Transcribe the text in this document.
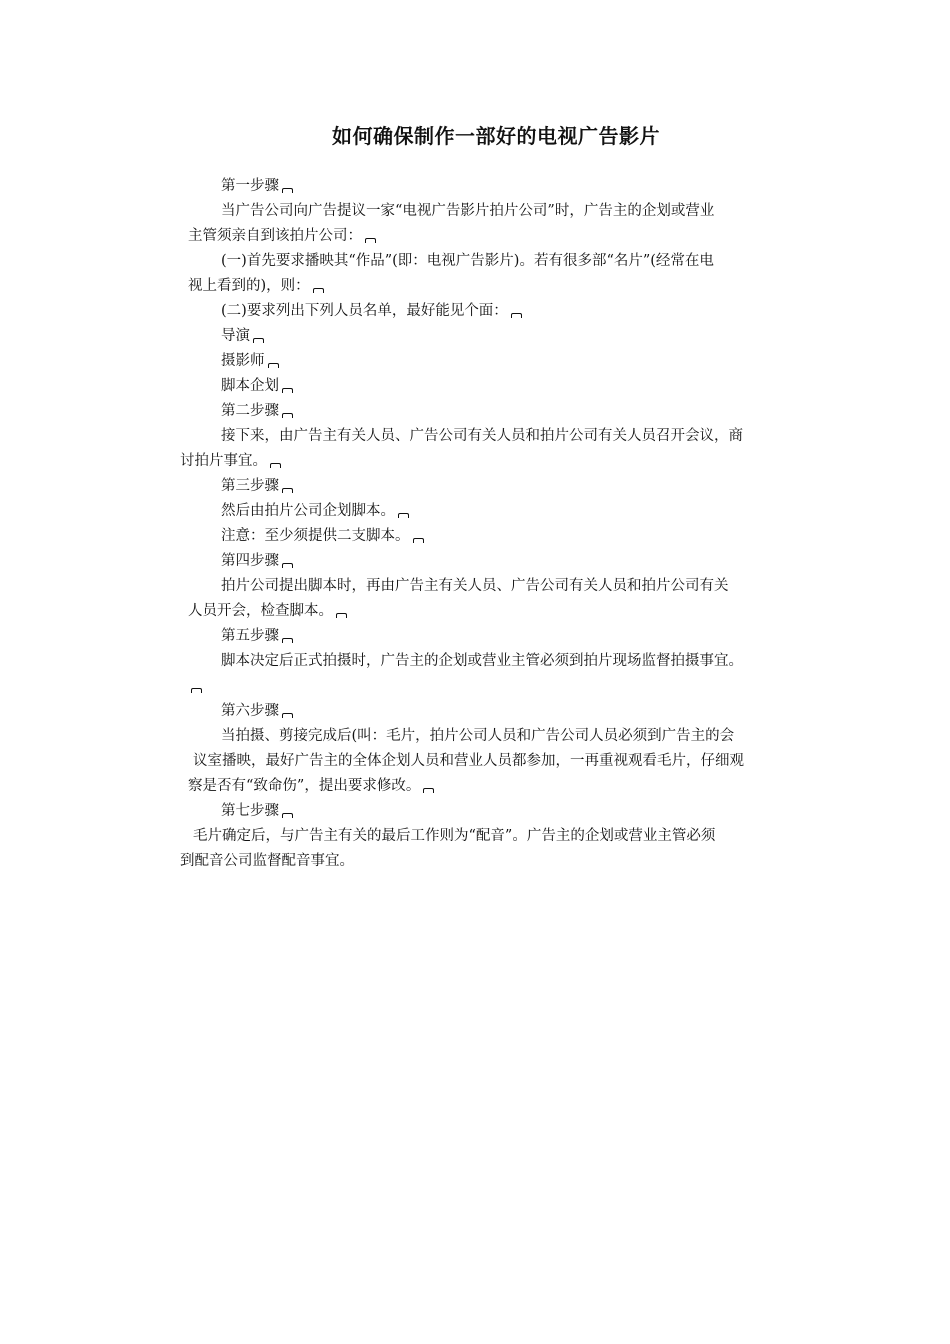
如何确保制作一部好的电视广告影片

第一步骤

当广告公司向广告提议一家“电视广告影片拍片公司”时，广告主的企划或营业
主管须亲自到该拍片公司：

(一)首先要求播映其“作品”(即：电视广告影片)。若有很多部“名片”(经常在电
视上看到的)，则：

(二)要求列出下列人员名单，最好能见个面：

导演

摄影师

脚本企划

第二步骤

接下来，由广告主有关人员、广告公司有关人员和拍片公司有关人员召开会议，商
讨拍片事宜。

第三步骤

然后由拍片公司企划脚本。

注意：至少须提供二支脚本。

第四步骤

拍片公司提出脚本时，再由广告主有关人员、广告公司有关人员和拍片公司有关
人员开会，检查脚本。

第五步骤

脚本决定后正式拍摄时，广告主的企划或营业主管必须到拍片现场监督拍摄事宜。

第六步骤

当拍摄、剪接完成后(叫：毛片，拍片公司人员和广告公司人员必须到广告主的会
议室播映，最好广告主的全体企划人员和营业人员都参加，一再重视观看毛片，仔细观
察是否有“致命伤”，提出要求修改。

第七步骤

毛片确定后，与广告主有关的最后工作则为“配音”。广告主的企划或营业主管必须
到配音公司监督配音事宜。
